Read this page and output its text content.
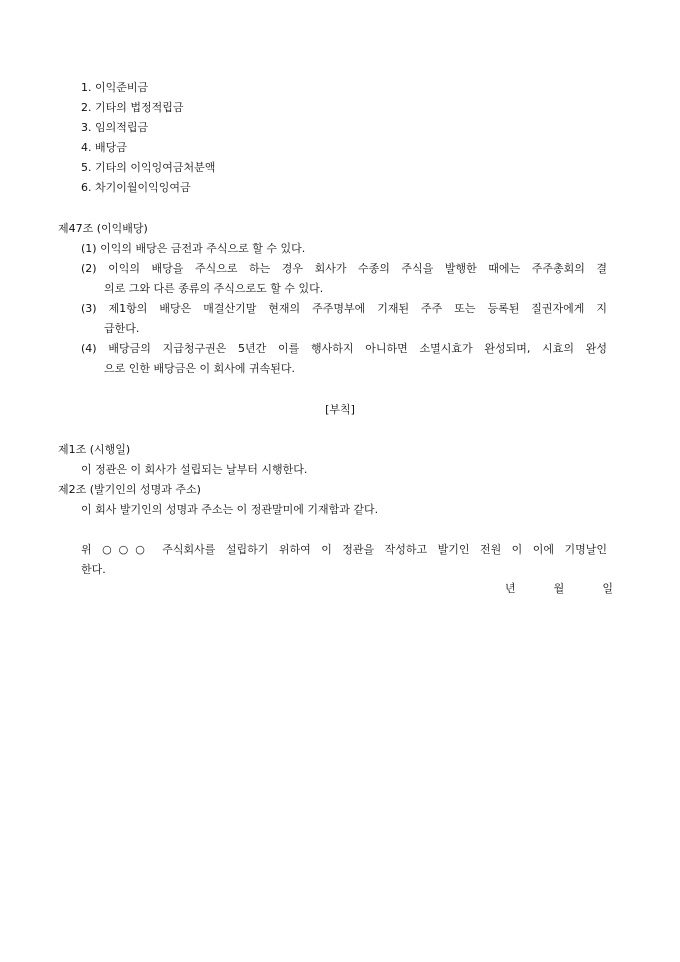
1. 이익준비금
2. 기타의 법정적립금
3. 임의적립금
4. 배당금
5. 기타의 이익잉여금처분액
6. 차기이월이익잉여금
제47조 (이익배당)
(1) 이익의 배당은 금전과 주식으로 할 수 있다.
(2) 이익의 배당을 주식으로 하는 경우 회사가 수종의 주식을 발행한 때에는 주주총회의 결
의로 그와 다른 종류의 주식으로도 할 수 있다.
(3) 제1항의 배당은 매결산기말 현재의 주주명부에 기재된 주주 또는 등록된 질권자에게 지
급한다.
(4) 배당금의 지급청구권은 5년간 이를 행사하지 아니하면 소멸시효가 완성되며, 시효의 완성
으로 인한 배당금은 이 회사에 귀속된다.
[부칙]
제1조 (시행일)
이 정관은 이 회사가 설립되는 날부터 시행한다.
제2조 (발기인의 성명과 주소)
이 회사 발기인의 성명과 주소는 이 정관말미에 기재함과 같다.
위 ○○○ 주식회사를 설립하기 위하여 이 정관을 작성하고 발기인 전원 이 이에 기명날인
한다.
년	월	일
